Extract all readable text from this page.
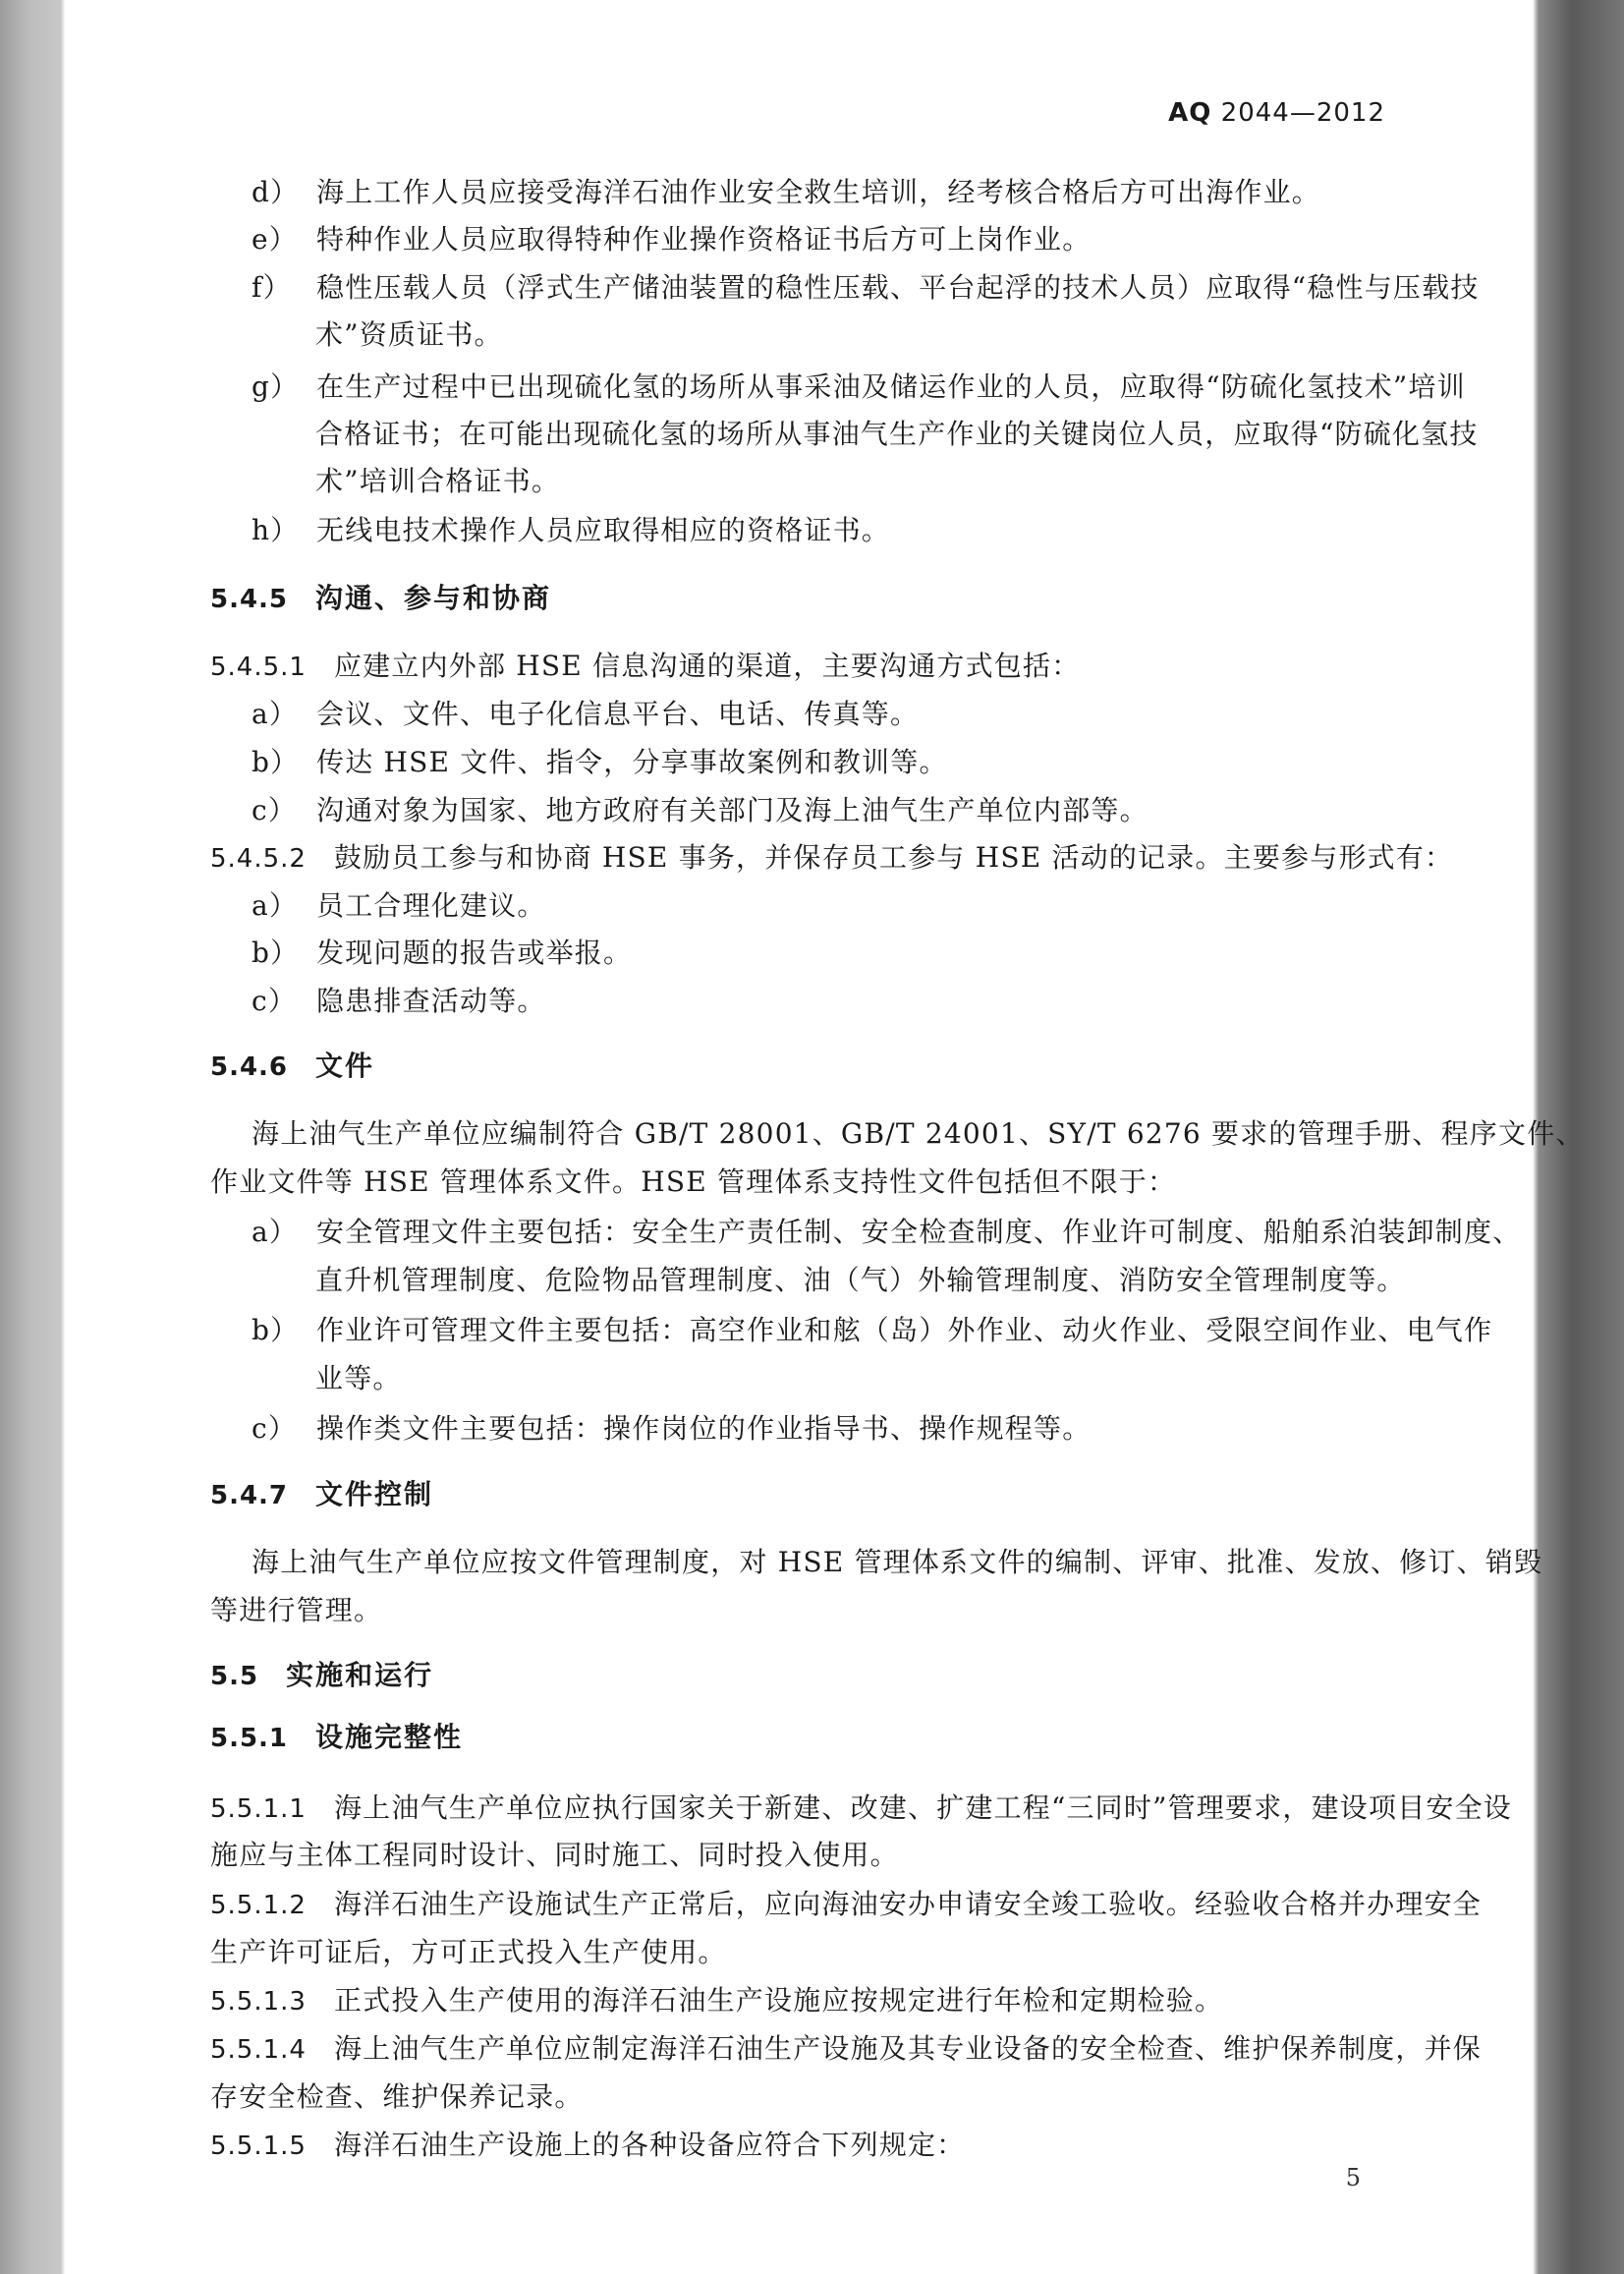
AQ 2044—2012
d） 海上工作人员应接受海洋石油作业安全救生培训，经考核合格后方可出海作业。
e） 特种作业人员应取得特种作业操作资格证书后方可上岗作业。
f） 稳性压载人员（浮式生产储油装置的稳性压载、平台起浮的技术人员）应取得“稳性与压载技
术”资质证书。
g） 在生产过程中已出现硫化氢的场所从事采油及储运作业的人员，应取得“防硫化氢技术”培训
合格证书；在可能出现硫化氢的场所从事油气生产作业的关键岗位人员，应取得“防硫化氢技
术”培训合格证书。
h） 无线电技术操作人员应取得相应的资格证书。
5.4.5 沟通、参与和协商
5.4.5.1 应建立内外部 HSE 信息沟通的渠道，主要沟通方式包括：
a） 会议、文件、电子化信息平台、电话、传真等。
b） 传达 HSE 文件、指令，分享事故案例和教训等。
c） 沟通对象为国家、地方政府有关部门及海上油气生产单位内部等。
5.4.5.2 鼓励员工参与和协商 HSE 事务，并保存员工参与 HSE 活动的记录。主要参与形式有：
a） 员工合理化建议。
b） 发现问题的报告或举报。
c） 隐患排查活动等。
5.4.6 文件
海上油气生产单位应编制符合 GB/T 28001、GB/T 24001、SY/T 6276 要求的管理手册、程序文件、
作业文件等 HSE 管理体系文件。HSE 管理体系支持性文件包括但不限于：
a） 安全管理文件主要包括：安全生产责任制、安全检查制度、作业许可制度、船舶系泊装卸制度、
直升机管理制度、危险物品管理制度、油（气）外输管理制度、消防安全管理制度等。
b） 作业许可管理文件主要包括：高空作业和舷（岛）外作业、动火作业、受限空间作业、电气作
业等。
c） 操作类文件主要包括：操作岗位的作业指导书、操作规程等。
5.4.7 文件控制
海上油气生产单位应按文件管理制度，对 HSE 管理体系文件的编制、评审、批准、发放、修订、销毁
等进行管理。
5.5 实施和运行
5.5.1 设施完整性
5.5.1.1 海上油气生产单位应执行国家关于新建、改建、扩建工程“三同时”管理要求，建设项目安全设
施应与主体工程同时设计、同时施工、同时投入使用。
5.5.1.2 海洋石油生产设施试生产正常后，应向海油安办申请安全竣工验收。经验收合格并办理安全
生产许可证后，方可正式投入生产使用。
5.5.1.3 正式投入生产使用的海洋石油生产设施应按规定进行年检和定期检验。
5.5.1.4 海上油气生产单位应制定海洋石油生产设施及其专业设备的安全检查、维护保养制度，并保
存安全检查、维护保养记录。
5.5.1.5 海洋石油生产设施上的各种设备应符合下列规定：
5
